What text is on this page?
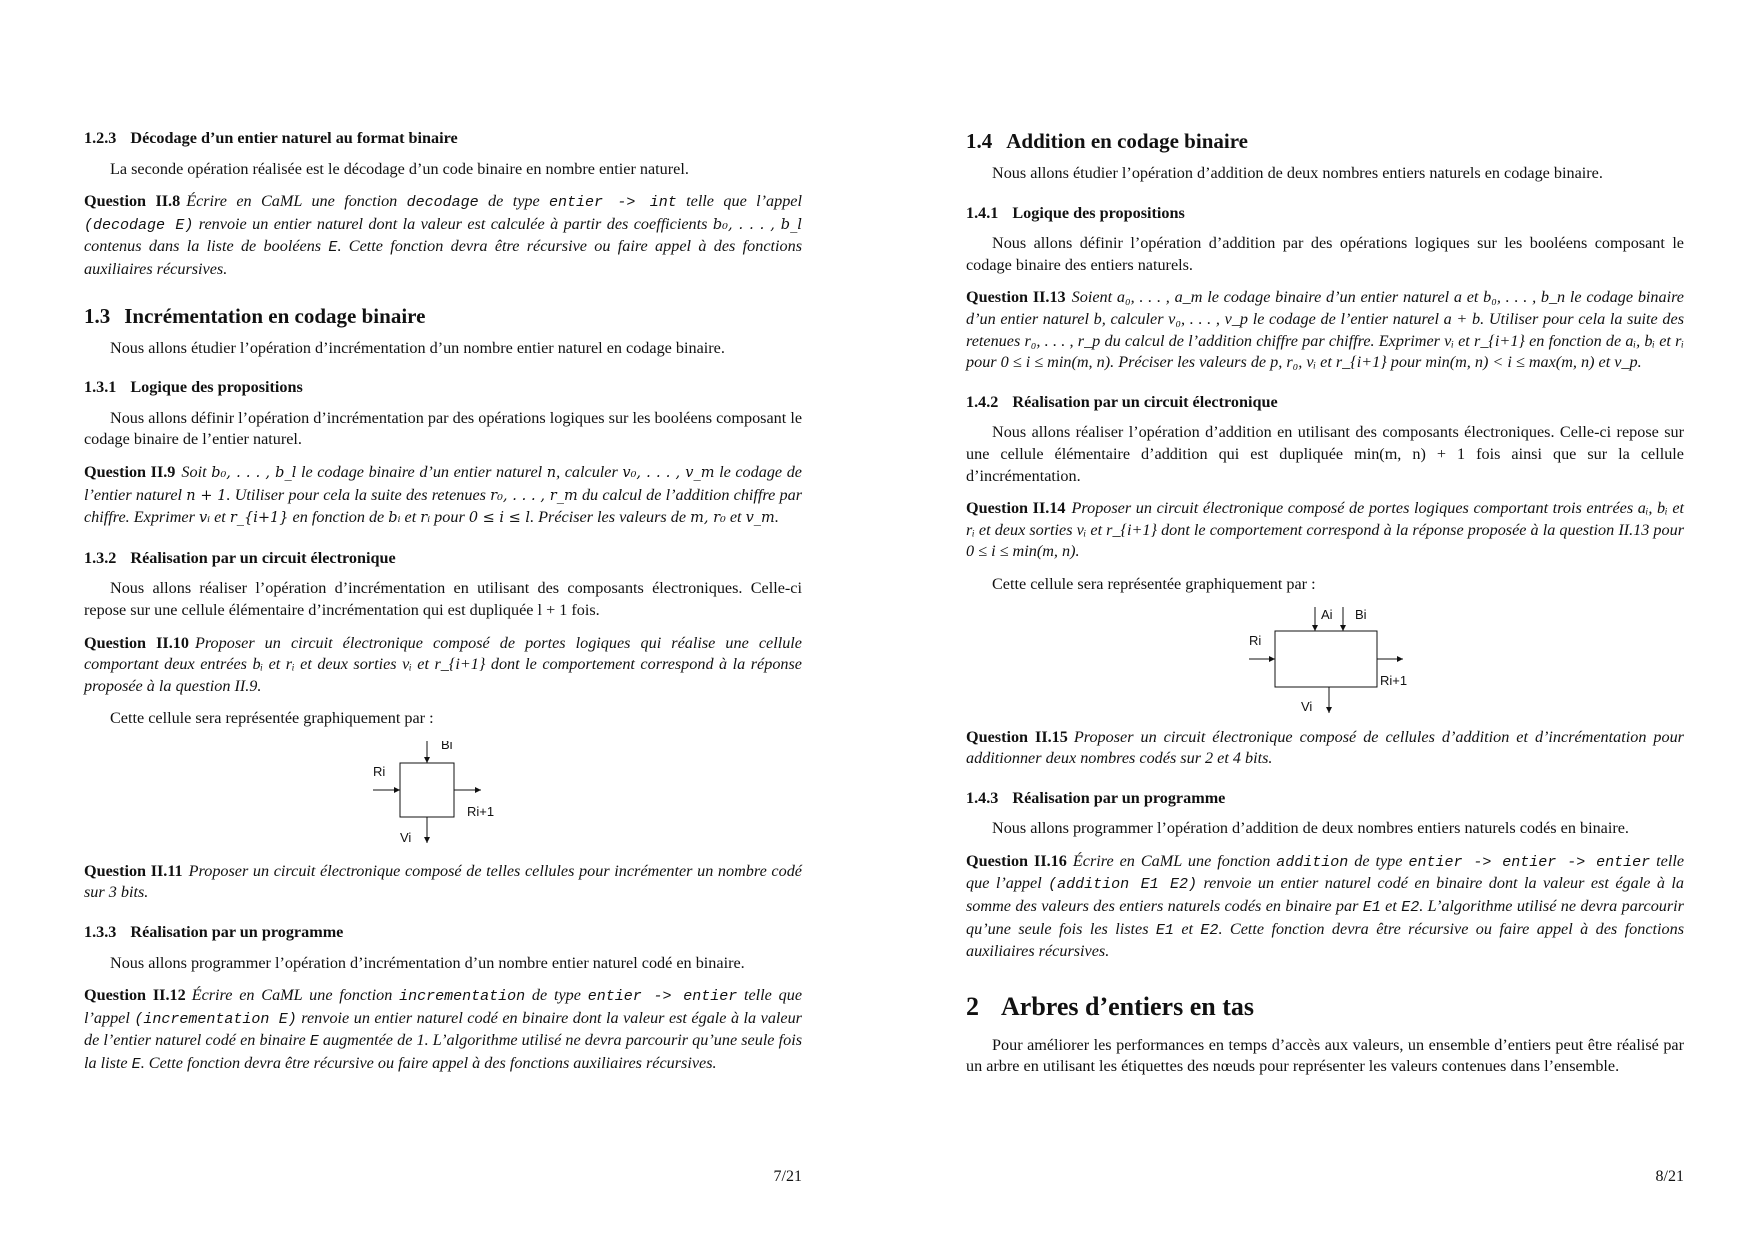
1.2.3 Décodage d’un entier naturel au format binaire

La seconde opération réalisée est le décodage d’un code binaire en nombre entier naturel.

Question II.8 Écrire en CaML une fonction decodage de type entier -> int telle que l’appel (decodage E) renvoie un entier naturel dont la valeur est calculée à partir des coefficients b₀, . . . , b_l contenus dans la liste de booléens E. Cette fonction devra être récursive ou faire appel à des fonctions auxiliaires récursives.

1.3 Incrémentation en codage binaire

Nous allons étudier l’opération d’incrémentation d’un nombre entier naturel en codage binaire.

1.3.1 Logique des propositions

Nous allons définir l’opération d’incrémentation par des opérations logiques sur les booléens composant le codage binaire de l’entier naturel.

Question II.9 Soit b₀, . . . , b_l le codage binaire d’un entier naturel n, calculer v₀, . . . , v_m le codage de l’entier naturel n + 1. Utiliser pour cela la suite des retenues r₀, . . . , r_m du calcul de l’addition chiffre par chiffre. Exprimer vᵢ et r_{i+1} en fonction de bᵢ et rᵢ pour 0 ≤ i ≤ l. Préciser les valeurs de m, r₀ et v_m.

1.3.2 Réalisation par un circuit électronique

Nous allons réaliser l’opération d’incrémentation en utilisant des composants électroniques. Celle-ci repose sur une cellule élémentaire d’incrémentation qui est dupliquée l + 1 fois.

Question II.10 Proposer un circuit électronique composé de portes logiques qui réalise une cellule comportant deux entrées bᵢ et rᵢ et deux sorties vᵢ et r_{i+1} dont le comportement correspond à la réponse proposée à la question II.9.

Cette cellule sera représentée graphiquement par :

Bi
Ri
Ri+1
Vi

Question II.11 Proposer un circuit électronique composé de telles cellules pour incrémenter un nombre codé sur 3 bits.

1.3.3 Réalisation par un programme

Nous allons programmer l’opération d’incrémentation d’un nombre entier naturel codé en binaire.

Question II.12 Écrire en CaML une fonction incrementation de type entier -> entier telle que l’appel (incrementation E) renvoie un entier naturel codé en binaire dont la valeur est égale à la valeur de l’entier naturel codé en binaire E augmentée de 1. L’algorithme utilisé ne devra parcourir qu’une seule fois la liste E. Cette fonction devra être récursive ou faire appel à des fonctions auxiliaires récursives.

7/21
1.4 Addition en codage binaire

Nous allons étudier l’opération d’addition de deux nombres entiers naturels en codage binaire.

1.4.1 Logique des propositions

Nous allons définir l’opération d’addition par des opérations logiques sur les booléens composant le codage binaire des entiers naturels.

Question II.13 Soient a₀, . . . , a_m le codage binaire d’un entier naturel a et b₀, . . . , b_n le codage binaire d’un entier naturel b, calculer v₀, . . . , v_p le codage de l’entier naturel a + b. Utiliser pour cela la suite des retenues r₀, . . . , r_p du calcul de l’addition chiffre par chiffre. Exprimer vᵢ et r_{i+1} en fonction de aᵢ, bᵢ et rᵢ pour 0 ≤ i ≤ min(m, n). Préciser les valeurs de p, r₀, vᵢ et r_{i+1} pour min(m, n) < i ≤ max(m, n) et v_p.

1.4.2 Réalisation par un circuit électronique

Nous allons réaliser l’opération d’addition en utilisant des composants électroniques. Celle-ci repose sur une cellule élémentaire d’addition qui est dupliquée min(m, n) + 1 fois ainsi que sur la cellule d’incrémentation.

Question II.14 Proposer un circuit électronique composé de portes logiques comportant trois entrées aᵢ, bᵢ et rᵢ et deux sorties vᵢ et r_{i+1} dont le comportement correspond à la réponse proposée à la question II.13 pour 0 ≤ i ≤ min(m, n).

Cette cellule sera représentée graphiquement par :

Ai Bi
Ri
Ri+1
Vi

Question II.15 Proposer un circuit électronique composé de cellules d’addition et d’incrémentation pour additionner deux nombres codés sur 2 et 4 bits.

1.4.3 Réalisation par un programme

Nous allons programmer l’opération d’addition de deux nombres entiers naturels codés en binaire.

Question II.16 Écrire en CaML une fonction addition de type entier -> entier -> entier telle que l’appel (addition E1 E2) renvoie un entier naturel codé en binaire dont la valeur est égale à la somme des valeurs des entiers naturels codés en binaire par E1 et E2. L’algorithme utilisé ne devra parcourir qu’une seule fois les listes E1 et E2. Cette fonction devra être récursive ou faire appel à des fonctions auxiliaires récursives.

2 Arbres d’entiers en tas

Pour améliorer les performances en temps d’accès aux valeurs, un ensemble d’entiers peut être réalisé par un arbre en utilisant les étiquettes des nœuds pour représenter les valeurs contenues dans l’ensemble.

8/21
